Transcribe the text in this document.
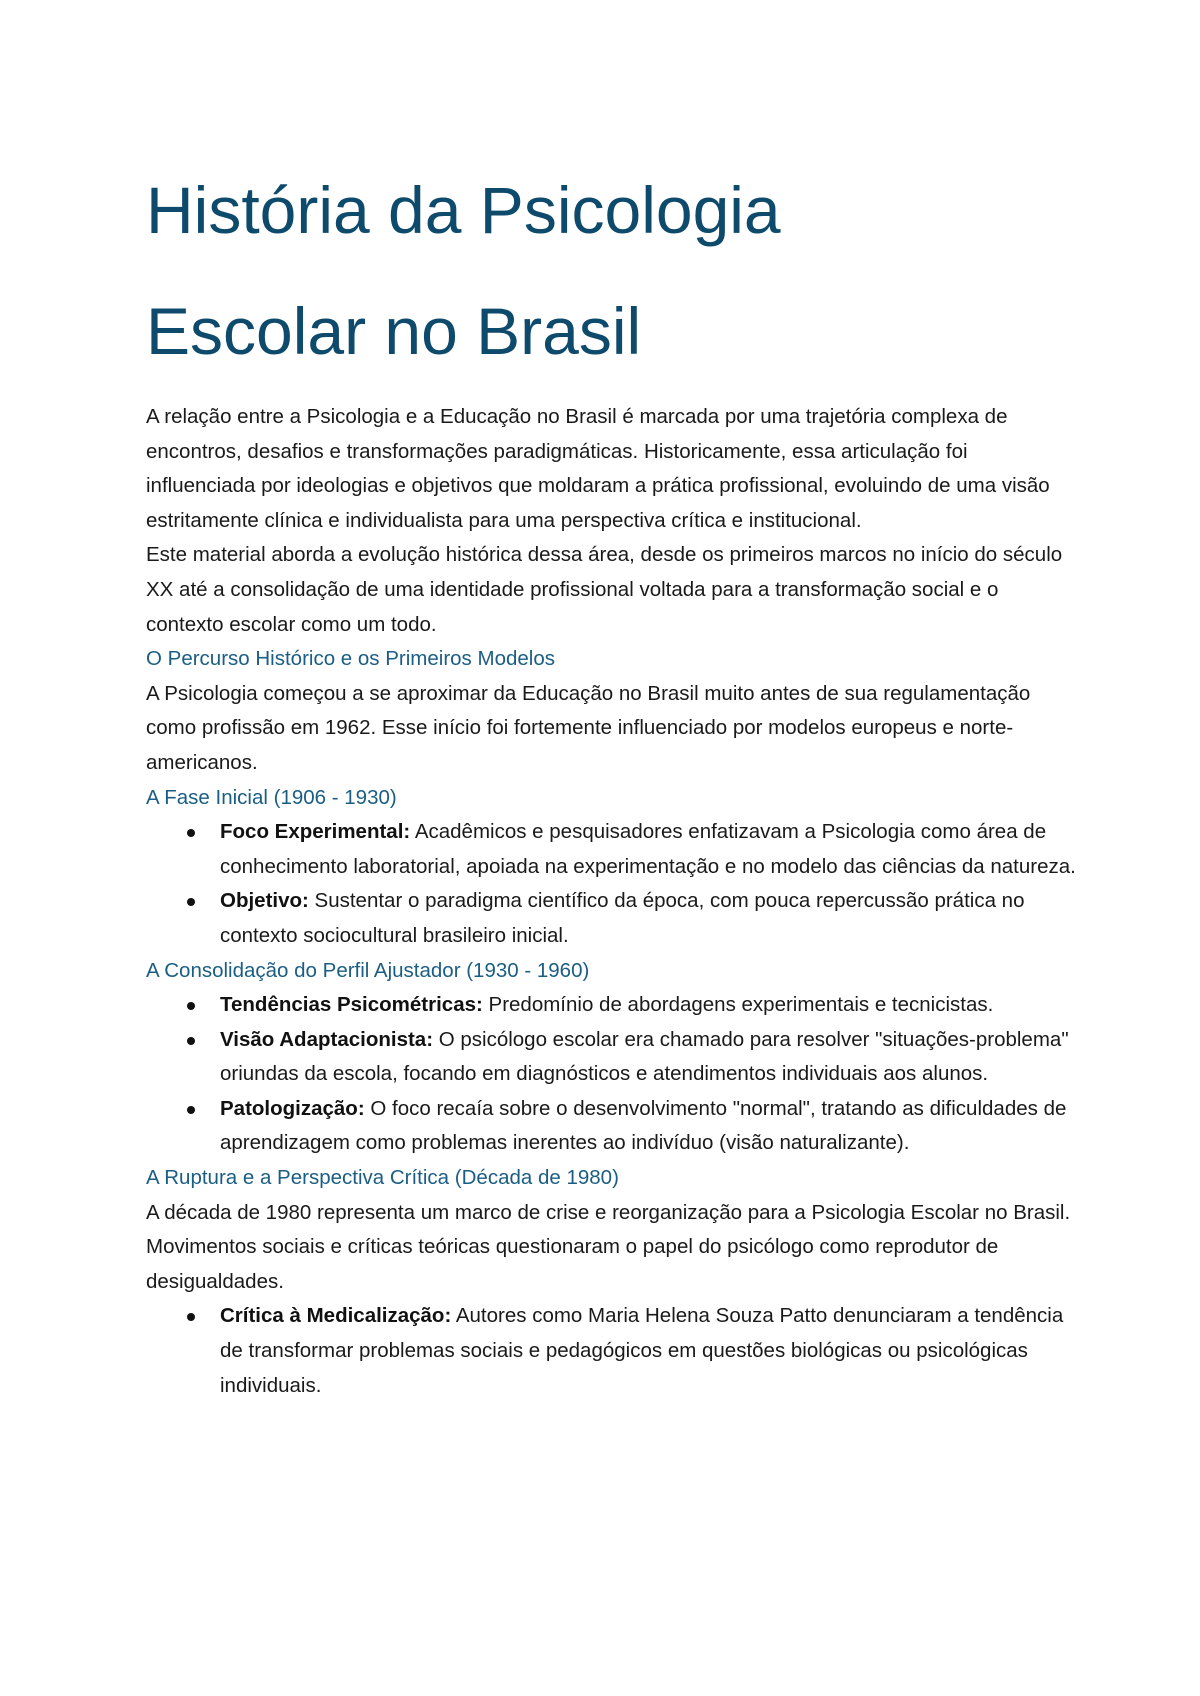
História da Psicologia
Escolar no Brasil

A relação entre a Psicologia e a Educação no Brasil é marcada por uma trajetória complexa de encontros, desafios e transformações paradigmáticas. Historicamente, essa articulação foi influenciada por ideologias e objetivos que moldaram a prática profissional, evoluindo de uma visão estritamente clínica e individualista para uma perspectiva crítica e institucional.

Este material aborda a evolução histórica dessa área, desde os primeiros marcos no início do século XX até a consolidação de uma identidade profissional voltada para a transformação social e o contexto escolar como um todo.

O Percurso Histórico e os Primeiros Modelos

A Psicologia começou a se aproximar da Educação no Brasil muito antes de sua regulamentação como profissão em 1962. Esse início foi fortemente influenciado por modelos europeus e norte-americanos.

A Fase Inicial (1906 - 1930)
Foco Experimental: Acadêmicos e pesquisadores enfatizavam a Psicologia como área de conhecimento laboratorial, apoiada na experimentação e no modelo das ciências da natureza.
Objetivo: Sustentar o paradigma científico da época, com pouca repercussão prática no contexto sociocultural brasileiro inicial.
A Consolidação do Perfil Ajustador (1930 - 1960)
Tendências Psicométricas: Predomínio de abordagens experimentais e tecnicistas.
Visão Adaptacionista: O psicólogo escolar era chamado para resolver "situações-problema" oriundas da escola, focando em diagnósticos e atendimentos individuais aos alunos.
Patologização: O foco recaía sobre o desenvolvimento "normal", tratando as dificuldades de aprendizagem como problemas inerentes ao indivíduo (visão naturalizante).
A Ruptura e a Perspectiva Crítica (Década de 1980)

A década de 1980 representa um marco de crise e reorganização para a Psicologia Escolar no Brasil. Movimentos sociais e críticas teóricas questionaram o papel do psicólogo como reprodutor de desigualdades.

Crítica à Medicalização: Autores como Maria Helena Souza Patto denunciaram a tendência de transformar problemas sociais e pedagógicos em questões biológicas ou psicológicas individuais.
